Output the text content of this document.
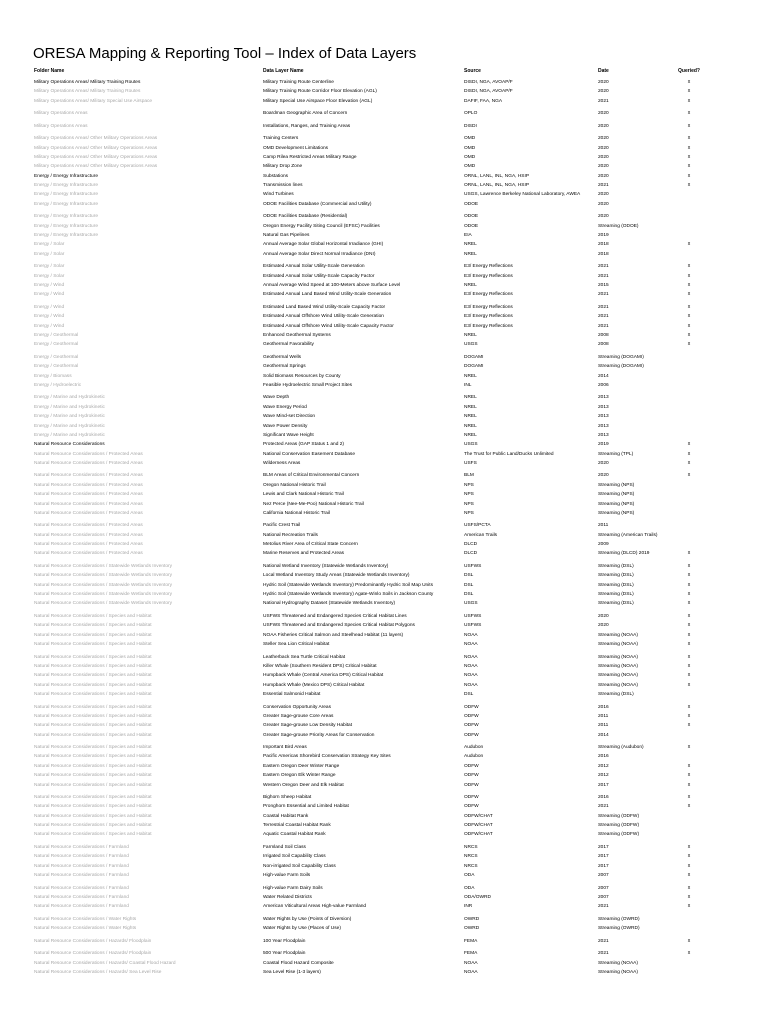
ORESA Mapping & Reporting Tool – Index of Data Layers
Folder Name	Data Layer Name	Source	Date	Queried?
Military Operations Areas/ Military Training Routes	Military Training Route Centerline	DISDI, NGA, AVOAP/F	2020	x
Military Operations Areas/ Military Training Routes	Military Training Route Corridor Floor Elevation (AGL)	DISDI, NGA, AVOAP/F	2020	x
Military Operations Areas/ Military Special Use Airspace	Military Special Use Airspace Floor Elevation (AGL)	DAFIF, FAA, NGA	2021	x
Military Operations Areas	Boardman Geographic Area of Concern	OPLO	2020	x
Military Operations Areas	Installations, Ranges, and Training Areas	DISDI	2020	x
Military Operations Areas/ Other Military Operations Areas	Training Centers	OMD	2020	x
Military Operations Areas/ Other Military Operations Areas	OMD Development Limitations	OMD	2020	x
Military Operations Areas/ Other Military Operations Areas	Camp Rilea Restricted Areas Military Range	OMD	2020	x
Military Operations Areas/ Other Military Operations Areas	Military Drop Zone	OMD	2020	x
Energy / Energy Infrastructure	Substations	ORNL, LANL, INL, NGA, HSIP	2020	x
Energy / Energy Infrastructure	Transmission lines	ORNL, LANL, INL, NGA, HSIP	2021	x
Energy / Energy Infrastructure	Wind Turbines	USGS, Lawrence Berkeley National Laboratory, AWEA	2020
Energy / Energy Infrastructure	ODOE Facilities Database (Commercial and Utility)	ODOE	2020
Energy / Energy Infrastructure	ODOE Facilities Database (Residential)	ODOE	2020
Energy / Energy Infrastructure	Oregon Energy Facility Siting Council (EFSC) Facilities	ODOE	Streaming (ODOE)
Energy / Energy Infrastructure	Natural Gas Pipelines	EIA	2019
Energy / Solar	Annual Average Solar Global Horizontal Irradiance (GHI)	NREL	2018	x
Energy / Solar	Annual Average Solar Direct Normal Irradiance (DNI)	NREL	2018
Energy / Solar	Estimated Annual Solar Utility-Scale Generation	E3/ Energy Reflections	2021	x
Energy / Solar	Estimated Annual Solar Utility-Scale Capacity Factor	E3/ Energy Reflections	2021	x
Energy / Wind	Annual Average Wind Speed at 100-Meters above Surface Level	NREL	2015	x
Energy / Wind	Estimated Annual Land Based Wind Utility-Scale Generation	E3/ Energy Reflections	2021	x
Energy / Wind	Estimated Land Based Wind Utility-Scale Capacity Factor	E3/ Energy Reflections	2021	x
Energy / Wind	Estimated Annual Offshore Wind Utility-Scale Generation	E3/ Energy Reflections	2021	x
Energy / Wind	Estimated Annual Offshore Wind Utility-Scale Capacity Factor	E3/ Energy Reflections	2021	x
Energy / Geothermal	Enhanced Geothermal Systems	NREL	2008	x
Energy / Geothermal	Geothermal Favorability	USGS	2008	x
Energy / Geothermal	Geothermal Wells	DOGAMI	Streaming (DOGAMI)
Energy / Geothermal	Geothermal Springs	DOGAMI	Streaming (DOGAMI)
Energy / Biomass	Solid Biomass Resources by County	NREL	2014
Energy / Hydroelectric	Feasible Hydroelectric Small Project Sites	INL	2006
Energy / Marine and Hydrokinetic	Wave Depth	NREL	2013
Energy / Marine and Hydrokinetic	Wave Energy Period	NREL	2013
Energy / Marine and Hydrokinetic	Wave Mind-set Direction	NREL	2013
Energy / Marine and Hydrokinetic	Wave Power Density	NREL	2013
Energy / Marine and Hydrokinetic	Significant Wave Height	NREL	2013
Natural Resource Considerations	Protected Areas (GAP Status 1 and 2)	USGS	2019	x
Natural Resource Considerations / Protected Areas	National Conservation Easement Database	The Trust for Public Land/Ducks Unlimited	Streaming (TPL)	x
Natural Resource Considerations / Protected Areas	Wilderness Areas	USFS	2020	x
Natural Resource Considerations / Protected Areas	BLM Areas of Critical Environmental Concern	BLM	2020	x
Natural Resource Considerations / Protected Areas	Oregon National Historic Trail	NPS	Streaming (NPS)
Natural Resource Considerations / Protected Areas	Lewis and Clark National Historic Trail	NPS	Streaming (NPS)
Natural Resource Considerations / Protected Areas	Nez Perce (Nee-Me-Poo) National Historic Trail	NPS	Streaming (NPS)
Natural Resource Considerations / Protected Areas	California National Historic Trail	NPS	Streaming (NPS)
Natural Resource Considerations / Protected Areas	Pacific Crest Trail	USFS/PCTA	2011
Natural Resource Considerations / Protected Areas	National Recreation Trails	American Trails	Streaming (American Trails)
Natural Resource Considerations / Protected Areas	Metolius River Area of Critical State Concern	DLCD	2009
Natural Resource Considerations / Protected Areas	Marine Reserves and Protected Areas	DLCD	Streaming (DLCD) 2019	x
Natural Resource Considerations / Statewide Wetlands Inventory	National Wetland Inventory (Statewide Wetlands Inventory)	USFWS	Streaming (DSL)	x
Natural Resource Considerations / Statewide Wetlands Inventory	Local Wetland Inventory Study Areas (Statewide Wetlands Inventory)	DSL	Streaming (DSL)	x
Natural Resource Considerations / Statewide Wetlands Inventory	Hydric Soil (Statewide Wetlands Inventory) Predominantly Hydric Soil Map Units	DSL	Streaming (DSL)	x
Natural Resource Considerations / Statewide Wetlands Inventory	Hydric Soil (Statewide Wetlands Inventory) Agate-Winlo Soils in Jackson County	DSL	Streaming (DSL)	x
Natural Resource Considerations / Statewide Wetlands Inventory	National Hydrography Dataset (Statewide Wetlands Inventory)	USGS	Streaming (DSL)	x
Natural Resource Considerations / Species and Habitat	USFWS Threatened and Endangered Species Critical Habitat Lines	USFWS	2020	x
Natural Resource Considerations / Species and Habitat	USFWS Threatened and Endangered Species Critical Habitat Polygons	USFWS	2020	x
Natural Resource Considerations / Species and Habitat	NOAA Fisheries Critical Salmon and Steelhead Habitat (11 layers)	NOAA	Streaming (NOAA)	x
Natural Resource Considerations / Species and Habitat	Steller Sea Lion Critical Habitat	NOAA	Streaming (NOAA)	x
Natural Resource Considerations / Species and Habitat	Leatherback Sea Turtle Critical Habitat	NOAA	Streaming (NOAA)	x
Natural Resource Considerations / Species and Habitat	Killer Whale (Southern Resident DPS) Critical Habitat	NOAA	Streaming (NOAA)	x
Natural Resource Considerations / Species and Habitat	Humpback Whale (Central America DPS) Critical Habitat	NOAA	Streaming (NOAA)	x
Natural Resource Considerations / Species and Habitat	Humpback Whale (Mexico DPS) Critical Habitat	NOAA	Streaming (NOAA)	x
Natural Resource Considerations / Species and Habitat	Essential Salmonid Habitat	DSL	Streaming (DSL)
Natural Resource Considerations / Species and Habitat	Conservation Opportunity Areas	ODFW	2016	x
Natural Resource Considerations / Species and Habitat	Greater Sage-grouse Core Areas	ODFW	2011	x
Natural Resource Considerations / Species and Habitat	Greater Sage-grouse Low Density Habitat	ODFW	2011	x
Natural Resource Considerations / Species and Habitat	Greater Sage-grouse Priority Areas for Conservation	ODFW	2014
Natural Resource Considerations / Species and Habitat	Important Bird Areas	Audubon	Streaming (Audubon)	x
Natural Resource Considerations / Species and Habitat	Pacific Americas Shorebird Conservation Strategy Key Sites	Audubon	2016
Natural Resource Considerations / Species and Habitat	Eastern Oregon Deer Winter Range	ODFW	2012	x
Natural Resource Considerations / Species and Habitat	Eastern Oregon Elk Winter Range	ODFW	2012	x
Natural Resource Considerations / Species and Habitat	Western Oregon Deer and Elk Habitat	ODFW	2017	x
Natural Resource Considerations / Species and Habitat	Bighorn Sheep Habitat	ODFW	2016	x
Natural Resource Considerations / Species and Habitat	Pronghorn Essential and Limited Habitat	ODFW	2021	x
Natural Resource Considerations / Species and Habitat	Coastal Habitat Rank	ODFW/CHAT	Streaming (ODFW)
Natural Resource Considerations / Species and Habitat	Terrestrial Coastal Habitat Rank	ODFW/CHAT	Streaming (ODFW)
Natural Resource Considerations / Species and Habitat	Aquatic Coastal Habitat Rank	ODFW/CHAT	Streaming (ODFW)
Natural Resource Considerations / Farmland	Farmland Soil Class	NRCS	2017	x
Natural Resource Considerations / Farmland	Irrigated Soil Capability Class	NRCS	2017	x
Natural Resource Considerations / Farmland	Non-irrigated Soil Capability Class	NRCS	2017	x
Natural Resource Considerations / Farmland	High-value Farm Soils	ODA	2007	x
Natural Resource Considerations / Farmland	High-value Farm Dairy Soils	ODA	2007	x
Natural Resource Considerations / Farmland	Water Related Districts	ODA/OWRD	2007	x
Natural Resource Considerations / Farmland	American Viticultural Areas High-value Farmland	INR	2021	x
Natural Resource Considerations / Water Rights	Water Rights by Use (Points of Diversion)	OWRD	Streaming (OWRD)
Natural Resource Considerations / Water Rights	Water Rights by Use (Places of Use)	OWRD	Streaming (OWRD)
Natural Resource Considerations / Hazards/ Floodplain	100 Year Floodplain	FEMA	2021	x
Natural Resource Considerations / Hazards/ Floodplain	500 Year Floodplain	FEMA	2021	x
Natural Resource Considerations / Hazards/ Coastal Flood Hazard	Coastal Flood Hazard Composite	NOAA	Streaming (NOAA)
Natural Resource Considerations / Hazards/ Sea Level Rise	Sea Level Rise (1-3 layers)	NOAA	Streaming (NOAA)
